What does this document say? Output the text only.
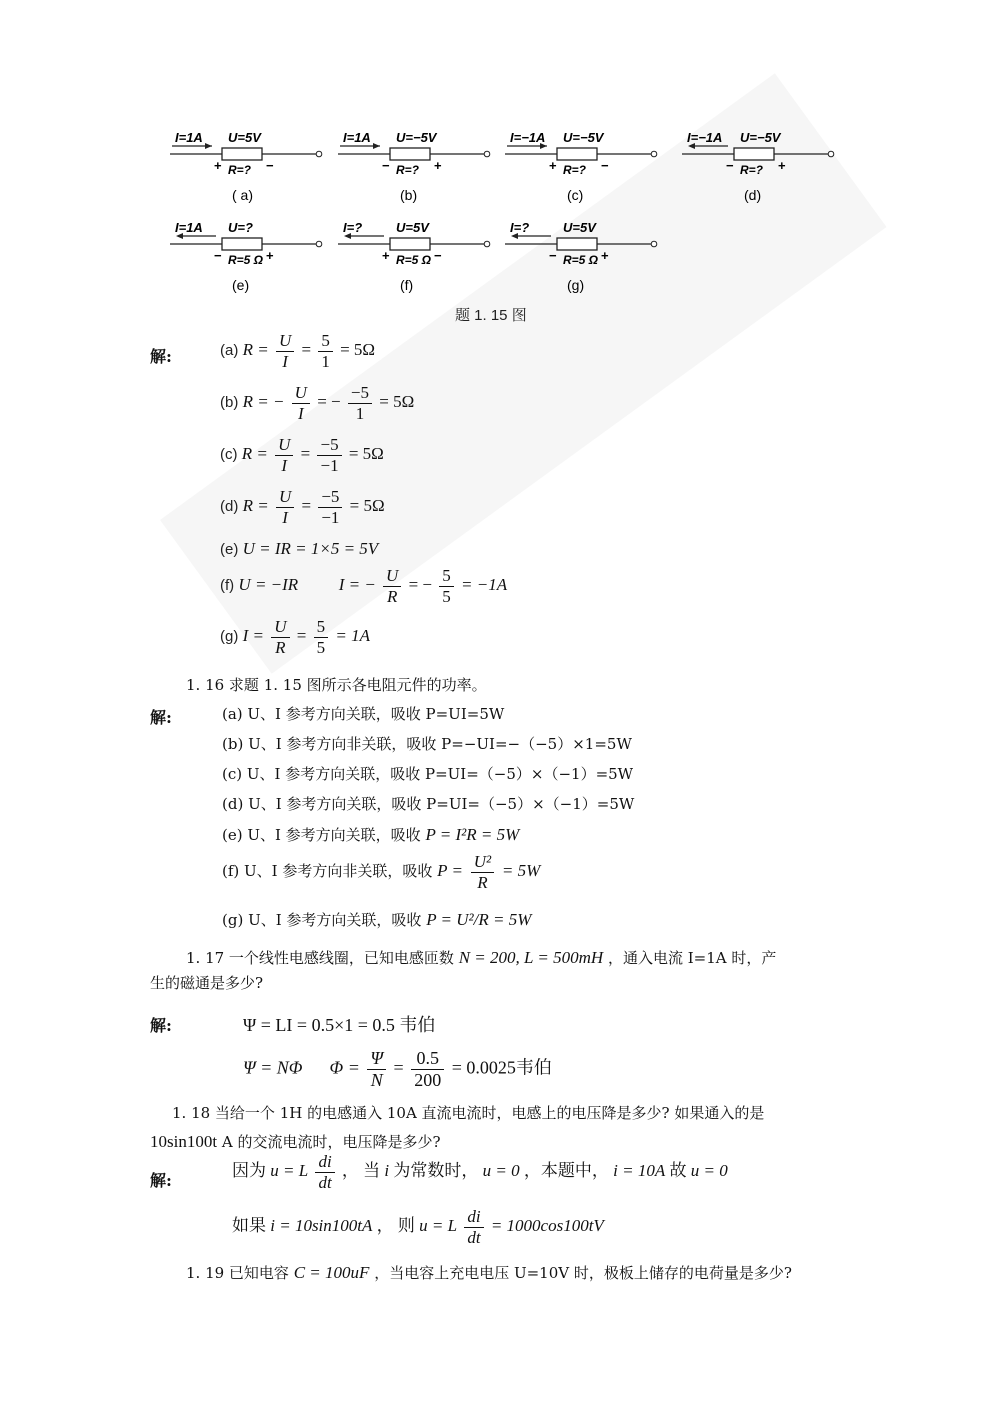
I=1A U=5V
R=?
+	−
( a)
I=1A U=−5V
R=?
−	+
(b)
I=−1A U=−5V
R=?
+	−
(c)
I=−1A U=−5V
R=?
−	+
(d)
I=1A U=?
R=5 Ω
−	+
(e)
I=?	U=5V
R=5 Ω
+	−
(f)
I=?	U=5V
R=5 Ω
−	+
(g)
题 1. 15 图
解:	(a) $R = \frac{U}{I} = \frac{5}{1} = 5\Omega$
(b) R = − $\frac{U}{I}$ = − $\frac{-5}{1} = 5\Omega$
(c) $R = \frac{U}{I} = \frac{-5}{-1} = 5\Omega$
(d) $R = \frac{U}{I} = \frac{-5}{-1} = 5\Omega$
(e) U = IR = 1×5 = 5V
(f) U = −IR I = − $\frac{U}{R}$ = − $\frac{5}{5} = -1A$
(g) $I = \frac{U}{R} = \frac{5}{5} = 1A$
1. 16 求题 1. 15 图所示各电阻元件的功率。
解:	(a) U、I 参考方向关联，吸收 P=UI=5W
(b) U、I 参考方向非关联，吸收 P=−UI=−（−5）×1=5W
(c) U、I 参考方向关联，吸收 P=UI=（−5）×（−1）=5W
(d) U、I 参考方向关联，吸收 P=UI=（−5）×（−1）=5W
(e) U、I 参考方向关联，吸收 P = I²R = 5W
(f) U、I 参考方向非关联，吸收 $P = \frac{\text{U²}}{R} = 5W$
(g) U、I 参考方向关联，吸收 P = U²/R = 5W
1. 17 一个线性电感线圈，已知电感匝数 N = 200, L = 500mH ，通入电流 I=1A 时，产
生的磁通是多少?
解:	Ψ = LI = 0.5×1 = 0.5 韦伯
Ψ = NΦ $\Phi = \frac{\Psi}{N} = \frac{0.5}{200} = 0.0025$韦伯
1. 18 当给一个 1H 的电感通入 10A 直流电流时，电感上的电压降是多少? 如果通入的是
10sin100t A 的交流电流时，电压降是多少?
解:
因为 u = L $\frac{di}{dt}$ ， 当 i 为常数时， u = 0 ，本题中， i = 10A 故 u = 0
如果 i = 10sin100tA ， 则 u = L $\frac{di}{dt} = 1000\cos 100tV$
1. 19 已知电容 C = 100uF ，当电容上充电电压 U=10V 时，极板上储存的电荷量是多少?
